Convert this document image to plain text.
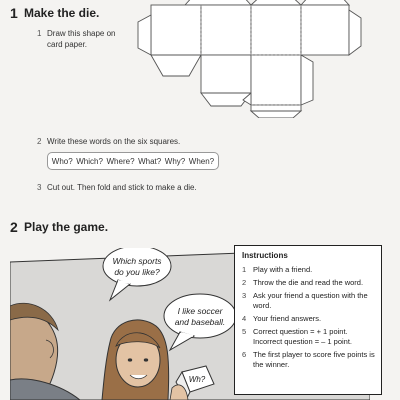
1 Make the die.
1 Draw this shape on card paper.
2 Write these words on the six squares.
Who? Which? Where? What? Why? When?
3 Cut out. Then fold and stick to make a die.
2 Play the game.
Wh?
Which sports
do you like?
I like soccer
and baseball.
Instructions
1 Play with a friend.
2 Throw the die and read the word.
3 Ask your friend a question with the word.
4 Your friend answers.
5 Correct question = + 1 point. Incorrect question = – 1 point.
6 The first player to score five points is the winner.
